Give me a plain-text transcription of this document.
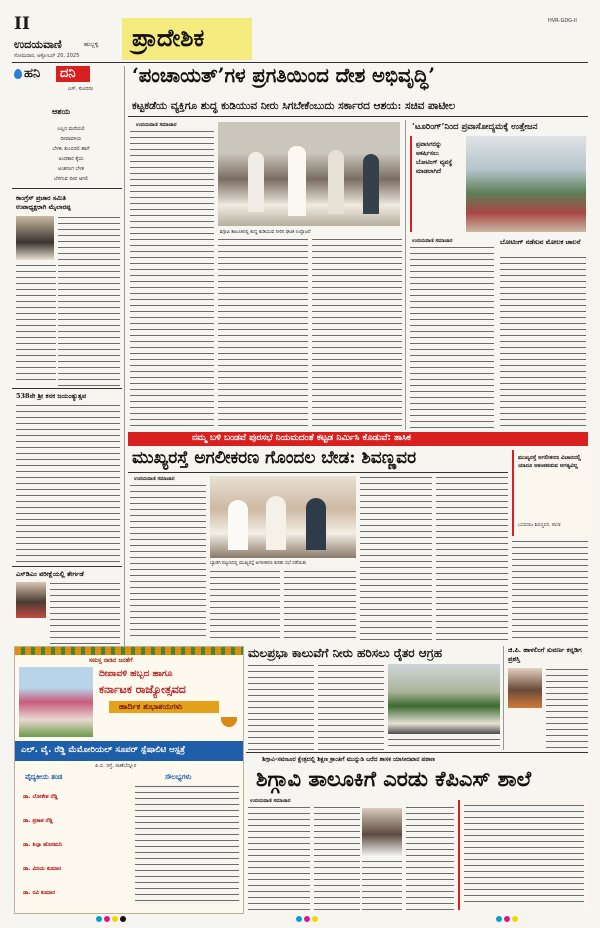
II
ಉದಯವಾಣಿ	ಹುಬ್ಬಳ್ಳಿ
ಸೋಮವಾರ, ಅಕ್ಟೋಬರ್ 20, 2025
ಪ್ರಾದೇಶಿಕ
HVR-GDG-II
ಹನಿ ದನಿ
ಎಸ್. ಸುಂದರಂ
ಆಶಯ
ಎಲ್ಲರ ಮನೆಯಲಿ
ದೀಪಾವಳಿಯ
ಬೆಳಕು ತುಂಬಿರಲಿ ಹಾಗೆ
ಅಂಧಕಾರ ಕೈಯ
ಅಂತರಂಗ ಬೆಳಕ
ಬೆಳಗುವ ದೀಪ ಆಗಲಿ
ಕಾಂಗ್ರೆಸ್ ಪ್ರಚಾರ ಸಮಿತಿ
ಉಪಾಧ್ಯಕ್ಷರಾಗಿ ಮೈಲಾರಪ್ಪ
538ನೇ ಶ್ರೀ ಕನಕ ಜಯಂತ್ಯುತ್ಸವ
ಎಸ್‌ಡಿಎಂ ಪರೀಕ್ಷೆಯಲ್ಲಿ ತೇರ್ಗಡೆ
‘ಪಂಚಾಯತ್’ಗಳ ಪ್ರಗತಿಯಿಂದ ದೇಶ ಅಭಿವೃದ್ಧಿ’
ಕಟ್ಟಕಡೆಯ ವ್ಯಕ್ತಿಗೂ ಶುದ್ಧ ಕುಡಿಯುವ ನೀರು ಸಿಗಬೇಕೆಂಬುದು ಸರ್ಕಾರದ ಆಶಯ: ಸಚಿವ ಪಾಟೀಲ
ಉದಯವಾಣಿ ಸಮಾಚಾರ
ಶಿಗ್ಗಾವಿ ತಾಲೂಕಿನಲ್ಲಿ ಶುದ್ಧ ಕುಡಿಯುವ ನೀರಿನ ಘಟಕ ಉದ್ಘಾಟನೆ
‘ಟೂರಿಂಗ್’ನಿಂದ ಪ್ರವಾಸೋದ್ಯಮಕ್ಕೆ ಉತ್ತೇಜನ
ಪ್ರವಾಸಿಗರನ್ನು ಆಕರ್ಷಿಸಲು ಬೋಟಿಂಗ್ ವ್ಯವಸ್ಥೆ ಮಾಡಲಾಗಿದೆ
ಉದಯವಾಣಿ ಸಮಾಚಾರ	ಬೋಟಿಂಗ್ ನಡೆಸುವ ಮೋಲಕ ಚಾಲನೆ
ನಮ್ಮ ಬಳಿ ಬಂಡವೆ ಪುರಸಭೆ ನಿಯಮದಂತೆ ಕಟ್ಟಡ ನಿರ್ಮಿಸಿ ಕೊಡುವೆ: ತಾಸಿಕ
ಮುಖ್ಯರಸ್ತೆ ಅಗಲೀಕರಣ ಗೊಂದಲ ಬೇಡ: ಶಿವಣ್ಣವರ
ಉದಯವಾಣಿ ಸಮಾಚಾರ
ಬ್ಯಾಡಗಿ ಪಟ್ಟಣದಲ್ಲಿ ಮುಖ್ಯರಸ್ತೆ ಅಗಲೀಕರಣ ಕುರಿತು ಸಭೆ ನಡೆಯಿತು
ಮುಖ್ಯರಸ್ತೆ ಅಗಲೀಕರಣ ವಿಚಾರದಲ್ಲಿ ಯಾರೂ ಆತಂಕಪಡುವ ಅಗತ್ಯವಿಲ್ಲ
ಬಸವರಾಜ ಶಿವಣ್ಣವರ, ಶಾಸಕ
ಸಮಸ್ತ ನಾಡಿನ ಜನತೆಗೆ
ದೀಪಾವಳಿ ಹಬ್ಬದ ಹಾಗೂ
ಕರ್ನಾಟಕ ರಾಜ್ಯೋತ್ಸವದ
ಹಾರ್ದಿಕ ಶುಭಾಶಯಗಳು
ಎಲ್. ವೈ. ರೆಡ್ಡಿ ಮೆಮೋರಿಯಲ್ ಸೂಪರ್ ಸ್ಪೆಷಾಲಿಟಿ ಆಸ್ಪತ್ರೆ
ಪಿ.ಬಿ. ರಸ್ತೆ, ರಾಣೆಬೆನ್ನೂರ
ವೈದ್ಯಕೀಯ ತಂಡ	ಸೌಲಭ್ಯಗಳು
ಡಾ. ಲೋಕೇಶ ರೆಡ್ಡಿ
ಡಾ. ಪ್ರಕಾಶ ರೆಡ್ಡಿ
ಡಾ. ಶಿಲ್ಪಾ ಹೊಸಮನಿ
ಡಾ. ವಿನಯ ಕುಮಾರ
ಡಾ. ರವಿ ಕುಮಾರ
ಮಲಪ್ರಭಾ ಕಾಲುವೆಗೆ ನೀರು ಹರಿಸಲು ರೈತರ ಆಗ್ರಹ	ಜಿ.ಪಿ. ಹಾಳಲಿಂಗೆ ಸುವರ್ಣ ಕನ್ನಡಿಗ ಪ್ರಶಸ್ತಿ
ಶಿಗ್ಗಾವಿ-ಸವಣೂರ ಕ್ಷೇತ್ರದಲ್ಲಿ ಶಿಕ್ಷಣ ಕ್ರಾಂತಿಗೆ ಮುನ್ನುಡಿ ಬರೆದ ಶಾಸಕ ಯಾಸೀರಖಾನ ಪಠಾಣ
ಶಿಗ್ಗಾವಿ ತಾಲೂಕಿಗೆ ಎರಡು ಕೆಪಿಎಸ್ ಶಾಲೆ
ಉದಯವಾಣಿ ಸಮಾಚಾರ
